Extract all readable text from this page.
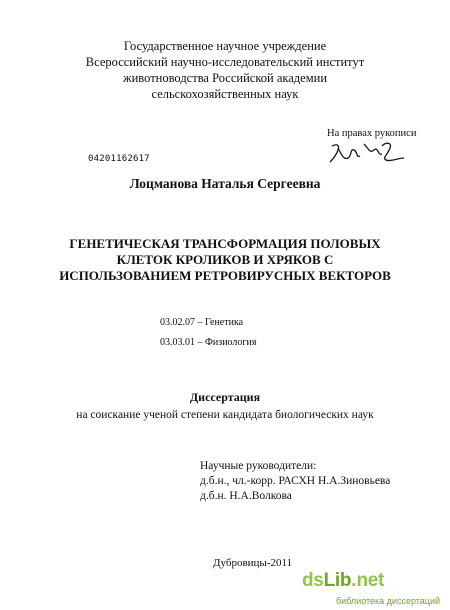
Государственное научное учреждение
Всероссийский научно-исследовательский институт
животноводства Российской академии
сельскохозяйственных наук
На правах рукописи
04201162617
Лоцманова Наталья Сергеевна
ГЕНЕТИЧЕСКАЯ ТРАНСФОРМАЦИЯ ПОЛОВЫХ
КЛЕТОК КРОЛИКОВ И ХРЯКОВ С
ИСПОЛЬЗОВАНИЕМ РЕТРОВИРУСНЫХ ВЕКТОРОВ
03.02.07 – Генетика
03.03.01 – Физиология
Диссертация
на соискание ученой степени кандидата биологических наук
Научные руководители:
д.б.н., чл.-корр. РАСХН Н.А.Зиновьева
д.б.н. Н.А.Волкова
Дубровицы-2011
dsLib.net
библиотека диссертаций
